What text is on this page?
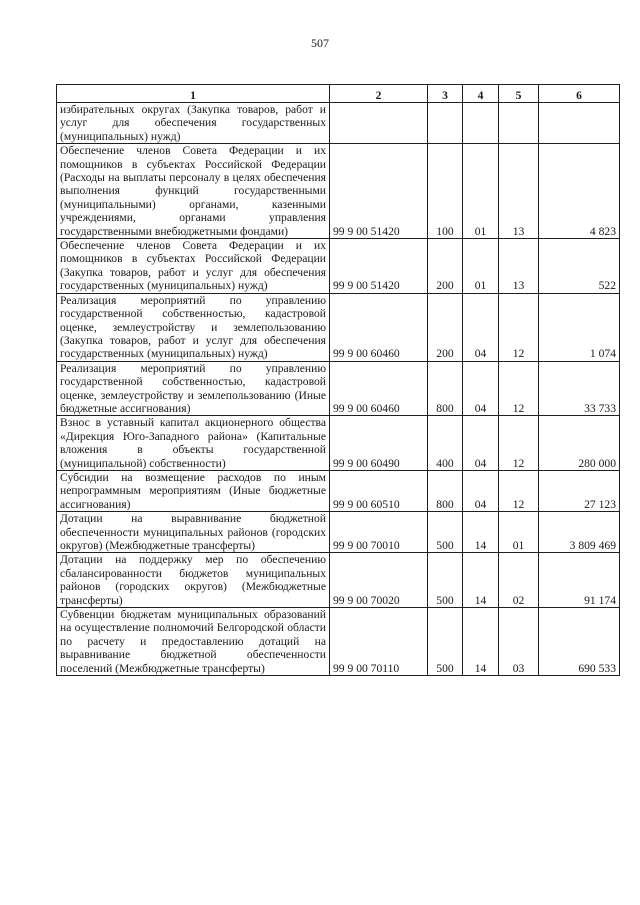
507
1	2	3	4	5	6
избирательных округах (Закупка товаров, работ и услуг для обеспечения государственных (муниципальных) нужд)					
Обеспечение членов Совета Федерации и их помощников в субъектах Российской Федерации (Расходы на выплаты персоналу в целях обеспечения выполнения функций государственными (муниципальными) органами, казенными учреждениями, органами управления государственными внебюджетными фондами)	99 9 00 51420	100	01	13	4 823
Обеспечение членов Совета Федерации и их помощников в субъектах Российской Федерации (Закупка товаров, работ и услуг для обеспечения государственных (муниципальных) нужд)	99 9 00 51420	200	01	13	522
Реализация мероприятий по управлению государственной собственностью, кадастровой оценке, землеустройству и землепользованию (Закупка товаров, работ и услуг для обеспечения государственных (муниципальных) нужд)	99 9 00 60460	200	04	12	1 074
Реализация мероприятий по управлению государственной собственностью, кадастровой оценке, землеустройству и землепользованию (Иные бюджетные ассигнования)	99 9 00 60460	800	04	12	33 733
Взнос в уставный капитал акционерного общества «Дирекция Юго-Западного района» (Капитальные вложения в объекты государственной (муниципальной) собственности)	99 9 00 60490	400	04	12	280 000
Субсидии на возмещение расходов по иным непрограммным мероприятиям (Иные бюджетные ассигнования)	99 9 00 60510	800	04	12	27 123
Дотации на выравнивание бюджетной обеспеченности муниципальных районов (городских округов) (Межбюджетные трансферты)	99 9 00 70010	500	14	01	3 809 469
Дотации на поддержку мер по обеспечению сбалансированности бюджетов муниципальных районов (городских округов) (Межбюджетные трансферты)	99 9 00 70020	500	14	02	91 174
Субвенции бюджетам муниципальных образований на осуществление полномочий Белгородской области по расчету и предоставлению дотаций на выравнивание бюджетной обеспеченности поселений (Межбюджетные трансферты)	99 9 00 70110	500	14	03	690 533
